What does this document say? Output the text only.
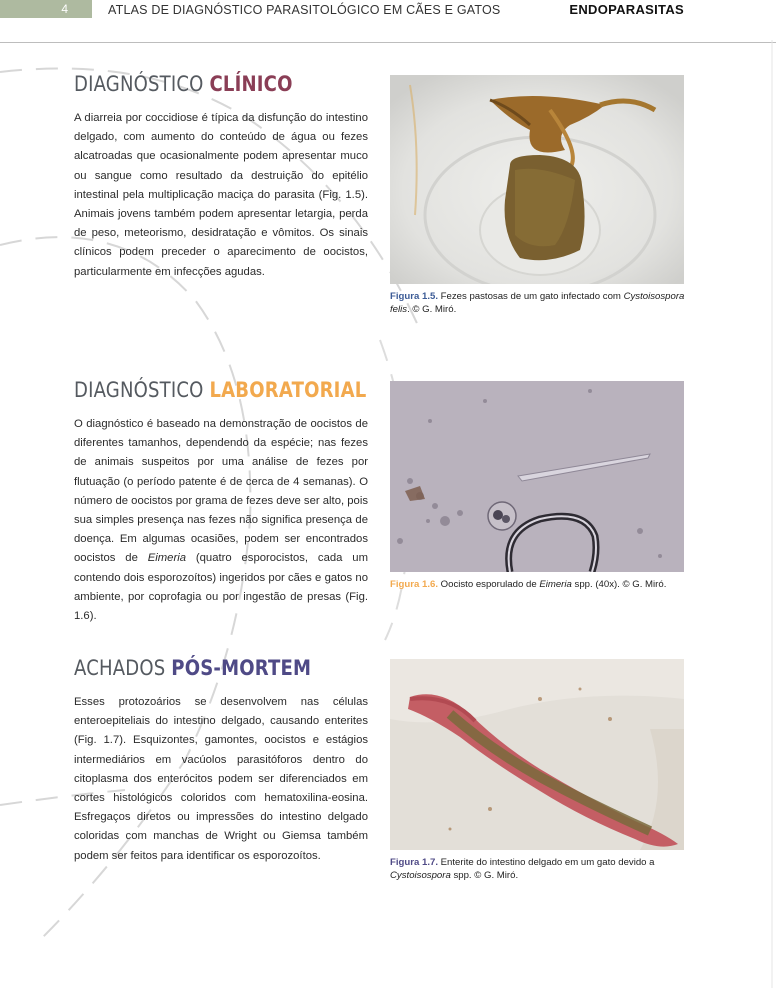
4	ATLAS DE DIAGNÓSTICO PARASITOLÓGICO EM CÃES E GATOS	ENDOPARASITAS
DIAGNÓSTICO CLÍNICO

A diarreia por coccidiose é típica da disfunção do intestino delgado, com aumento do conteúdo de água ou fezes alcatroadas que ocasionalmente podem apresentar muco ou sangue como resultado da destruição do epitélio intestinal pela multiplicação maciça do parasita (Fig. 1.5). Animais jovens também podem apresentar letargia, perda de peso, meteorismo, desidratação e vômitos. Os sinais clínicos podem preceder o aparecimento de oocistos, particularmente em infecções agudas.

Figura 1.5. Fezes pastosas de um gato infectado com Cystoisospora felis. © G. Miró.

DIAGNÓSTICO LABORATORIAL

O diagnóstico é baseado na demonstração de oocistos de diferentes tamanhos, dependendo da espécie; nas fezes de animais suspeitos por uma análise de fezes por flutuação (o período patente é de cerca de 4 semanas). O número de oocistos por grama de fezes deve ser alto, pois sua simples presença nas fezes não significa presença de doença. Em algumas ocasiões, podem ser encontrados oocistos de Eimeria (quatro esporocistos, cada um contendo dois esporozoítos) ingeridos por cães e gatos no ambiente, por coprofagia ou por ingestão de presas (Fig. 1.6).

Figura 1.6. Oocisto esporulado de Eimeria spp. (40x). © G. Miró.

ACHADOS PÓS-MORTEM

Esses protozoários se desenvolvem nas células enteroepiteliais do intestino delgado, causando enterites (Fig. 1.7). Esquizontes, gamontes, oocistos e estágios intermediários em vacúolos parasitóforos dentro do citoplasma dos enterócitos podem ser diferenciados em cortes histológicos coloridos com hematoxilina-eosina. Esfregaços diretos ou impressões do intestino delgado coloridas com manchas de Wright ou Giemsa também podem ser feitos para identificar os esporozoítos.

Figura 1.7. Enterite do intestino delgado em um gato devido a Cystoisospora spp. © G. Miró.
